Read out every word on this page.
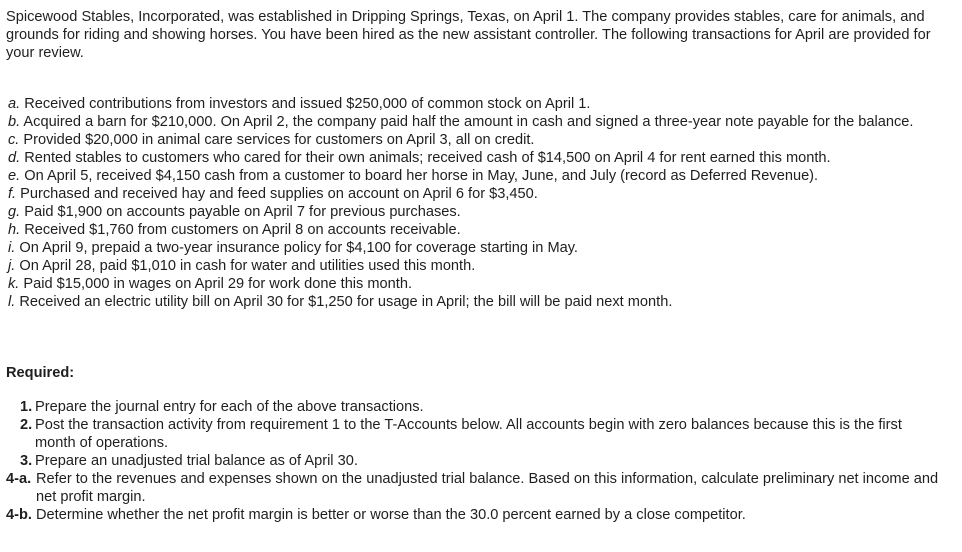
Spicewood Stables, Incorporated, was established in Dripping Springs, Texas, on April 1. The company provides stables, care for animals, and grounds for riding and showing horses. You have been hired as the new assistant controller. The following transactions for April are provided for your review.

a. Received contributions from investors and issued $250,000 of common stock on April 1.
b. Acquired a barn for $210,000. On April 2, the company paid half the amount in cash and signed a three-year note payable for the balance.
c. Provided $20,000 in animal care services for customers on April 3, all on credit.
d. Rented stables to customers who cared for their own animals; received cash of $14,500 on April 4 for rent earned this month.
e. On April 5, received $4,150 cash from a customer to board her horse in May, June, and July (record as Deferred Revenue).
f. Purchased and received hay and feed supplies on account on April 6 for $3,450.
g. Paid $1,900 on accounts payable on April 7 for previous purchases.
h. Received $1,760 from customers on April 8 on accounts receivable.
i. On April 9, prepaid a two-year insurance policy for $4,100 for coverage starting in May.
j. On April 28, paid $1,010 in cash for water and utilities used this month.
k. Paid $15,000 in wages on April 29 for work done this month.
l. Received an electric utility bill on April 30 for $1,250 for usage in April; the bill will be paid next month.

Required:

1. Prepare the journal entry for each of the above transactions.
2. Post the transaction activity from requirement 1 to the T-Accounts below. All accounts begin with zero balances because this is the first month of operations.
3. Prepare an unadjusted trial balance as of April 30.
4-a. Refer to the revenues and expenses shown on the unadjusted trial balance. Based on this information, calculate preliminary net income and net profit margin.
4-b. Determine whether the net profit margin is better or worse than the 30.0 percent earned by a close competitor.
